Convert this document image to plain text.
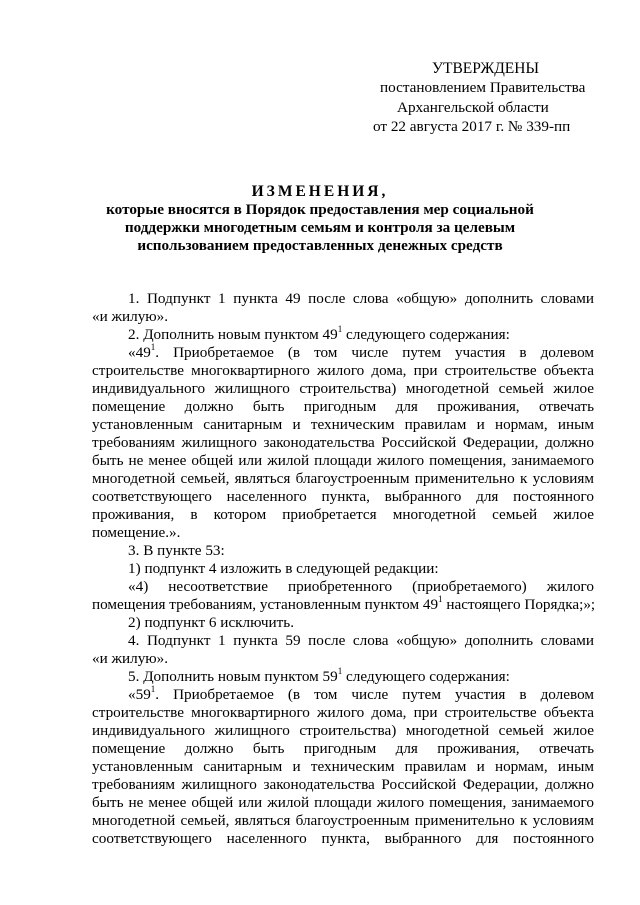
УТВЕРЖДЕНЫ
постановлением Правительства
Архангельской области
от 22 августа 2017 г. № 339-пп
ИЗМЕНЕНИЯ,
которые вносятся в Порядок предоставления мер социальной
поддержки многодетным семьям и контроля за целевым
использованием предоставленных денежных средств
1. Подпункт 1 пункта 49 после слова «общую» дополнить словами
«и жилую».
2. Дополнить новым пунктом $49^1$ следующего содержания:
«$49^1$. Приобретаемое (в том числе путем участия в долевом
строительстве многоквартирного жилого дома, при строительстве объекта
индивидуального жилищного строительства) многодетной семьей жилое
помещение должно быть пригодным для проживания, отвечать
установленным санитарным и техническим правилам и нормам, иным
требованиям жилищного законодательства Российской Федерации, должно
быть не менее общей или жилой площади жилого помещения, занимаемого
многодетной семьей, являться благоустроенным применительно к условиям
соответствующего населенного пункта, выбранного для постоянного
проживания, в котором приобретается многодетной семьей жилое
помещение.».
3. В пункте 53:
1) подпункт 4 изложить в следующей редакции:
«4) несоответствие приобретенного (приобретаемого) жилого
помещения требованиям, установленным пунктом $49^1$ настоящего Порядка;»;
2) подпункт 6 исключить.
4. Подпункт 1 пункта 59 после слова «общую» дополнить словами
«и жилую».
5. Дополнить новым пунктом $59^1$ следующего содержания:
«$59^1$. Приобретаемое (в том числе путем участия в долевом
строительстве многоквартирного жилого дома, при строительстве объекта
индивидуального жилищного строительства) многодетной семьей жилое
помещение должно быть пригодным для проживания, отвечать
установленным санитарным и техническим правилам и нормам, иным
требованиям жилищного законодательства Российской Федерации, должно
быть не менее общей или жилой площади жилого помещения, занимаемого
многодетной семьей, являться благоустроенным применительно к условиям
соответствующего населенного пункта, выбранного для постоянного
